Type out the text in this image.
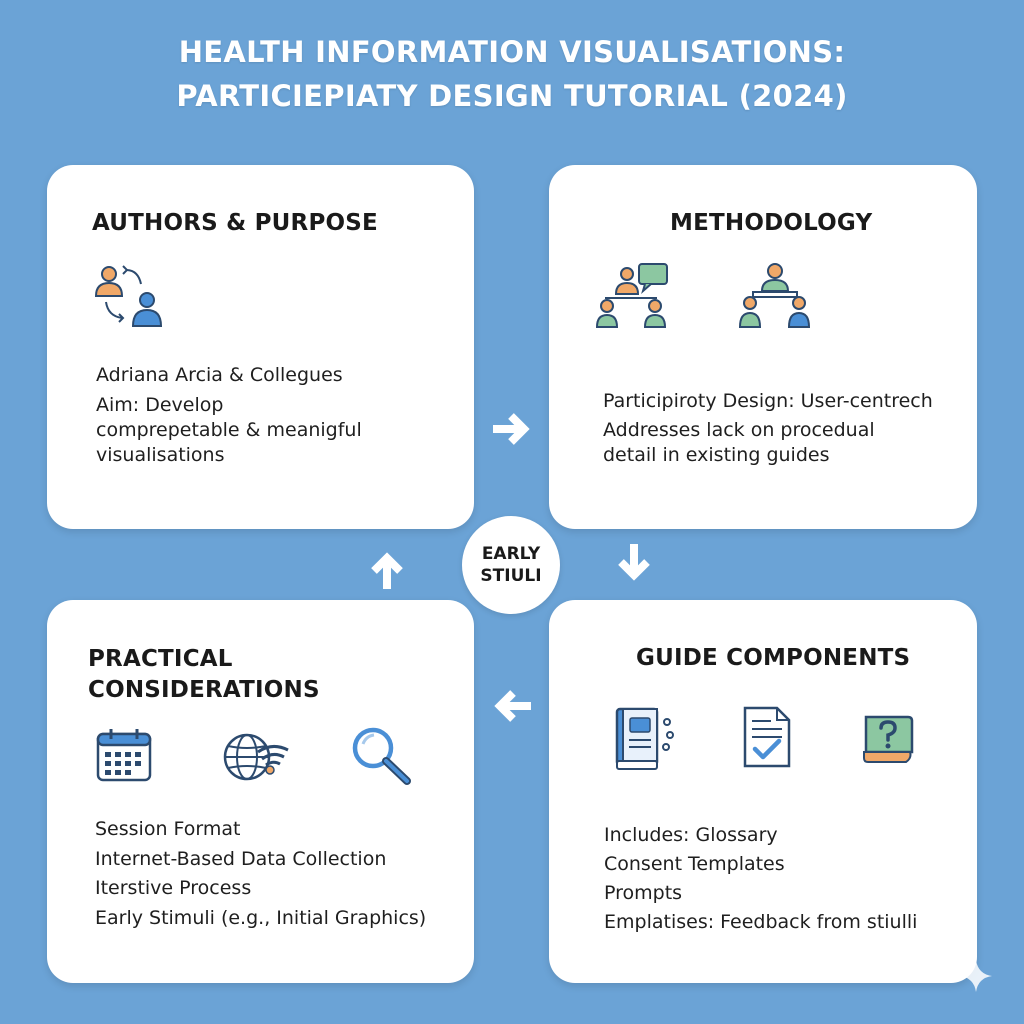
HEALTH INFORMATION VISUALISATIONS:
PARTICIEPIATY DESIGN TUTORIAL (2024)
AUTHORS & PURPOSE
Adriana Arcia & Collegues
Aim: Develop
comprepetable & meanigful
visualisations
METHODOLOGY
Participiroty Design: User-centrech
Addresses lack on procedual
detail in existing guides
PRACTICAL
CONSIDERATIONS
Session Format
Internet-Based Data Collection
Iterstive Process
Early Stimuli (e.g., Initial Graphics)
GUIDE COMPONENTS
Includes: Glossary
Consent Templates
Prompts
Emplatises: Feedback from stiulli
EARLY
STIULI
